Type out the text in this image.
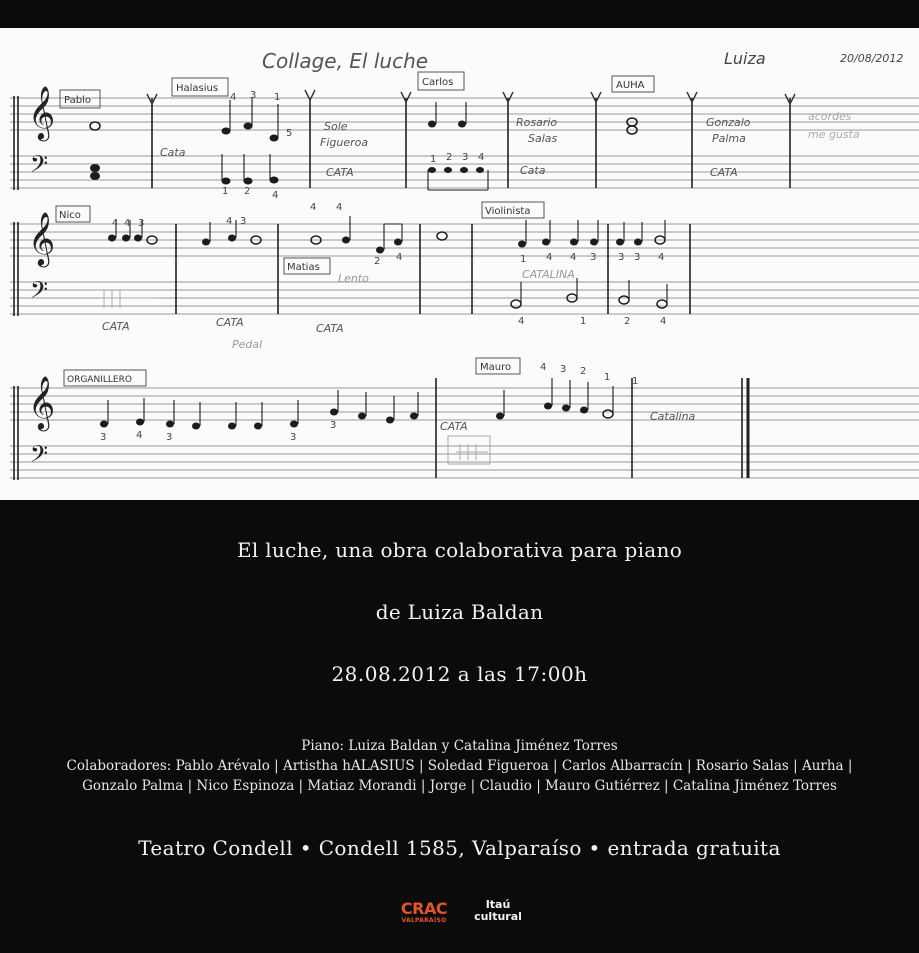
𝄞
𝄢
𝄞
𝄢
𝄞
𝄢
4 3 1
5
1 2 4
1 2 3 4
4 4 3	4 3
4 4
2 4	1 4 4 3 3 3 4
4	1	2	4
3	4 3	3
3
4 3 2
1 1
Collage, El luche	Luiza	20/08/2012
Pablo
Halasius
Carlos	AUHA
Nico
Matias
Violinista
ORGANILLERO
Mauro
Cata
Sole
Figueroa
CATA
Rosario
Salas
Cata
Gonzalo
Palma
CATA
CATA	CATA
Pedal
Lento
CATA
CATALINA
CATA
Catalina
acordes
me gusta
El luche, una obra colaborativa para piano
de Luiza Baldan
28.08.2012 a las 17:00h
Piano: Luiza Baldan y Catalina Jiménez Torres
Colaboradores: Pablo Arévalo | Artistha hALASIUS | Soledad Figueroa | Carlos Albarracín | Rosario Salas | Aurha |
Gonzalo Palma | Nico Espinoza | Matiaz Morandi | Jorge | Claudio | Mauro Gutiérrez | Catalina Jiménez Torres
Teatro Condell • Condell 1585, Valparaíso • entrada gratuita
CRAC
VALPARAÍSO
Itaú
cultural
